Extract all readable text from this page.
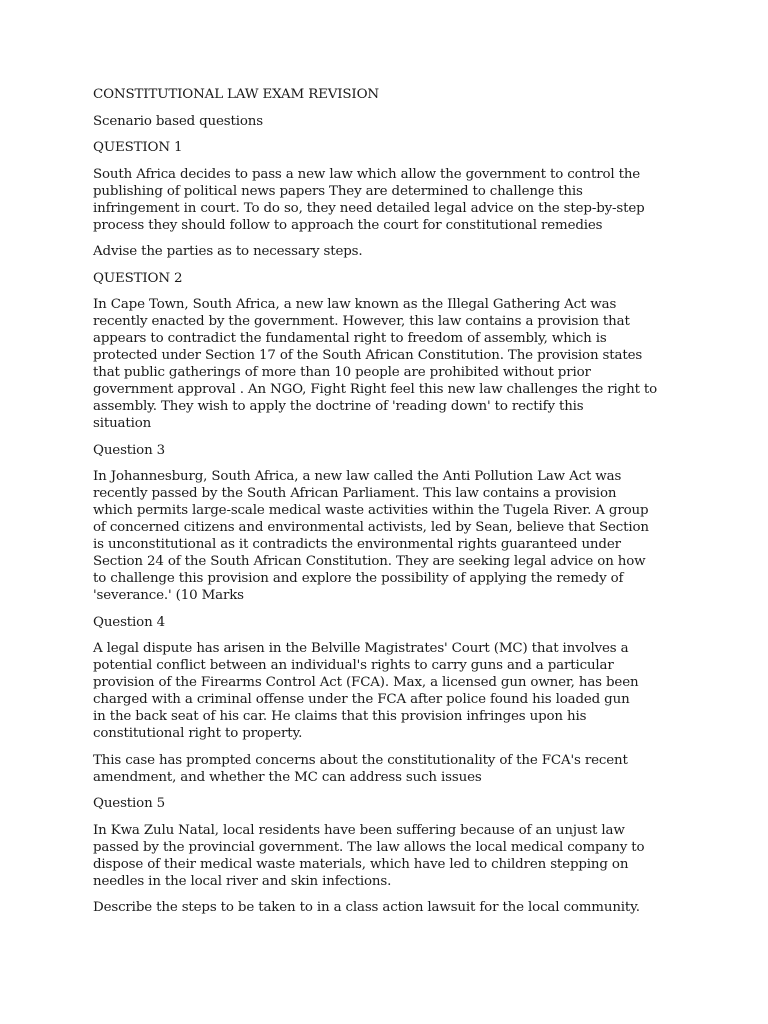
CONSTITUTIONAL LAW EXAM REVISION
Scenario based questions
QUESTION 1
South Africa decides to pass a new law which allow the government to control the
publishing of political news papers They are determined to challenge this
infringement in court. To do so, they need detailed legal advice on the step-by-step
process they should follow to approach the court for constitutional remedies
Advise the parties as to necessary steps.
QUESTION 2
In Cape Town, South Africa, a new law known as the Illegal Gathering Act was
recently enacted by the government. However, this law contains a provision that
appears to contradict the fundamental right to freedom of assembly, which is
protected under Section 17 of the South African Constitution. The provision states
that public gatherings of more than 10 people are prohibited without prior
government approval . An NGO, Fight Right feel this new law challenges the right to
assembly. They wish to apply the doctrine of 'reading down' to rectify this
situation
Question 3
In Johannesburg, South Africa, a new law called the Anti Pollution Law Act was
recently passed by the South African Parliament. This law contains a provision
which permits large-scale medical waste activities within the Tugela River. A group
of concerned citizens and environmental activists, led by Sean, believe that Section
is unconstitutional as it contradicts the environmental rights guaranteed under
Section 24 of the South African Constitution. They are seeking legal advice on how
to challenge this provision and explore the possibility of applying the remedy of
'severance.' (10 Marks
Question 4
A legal dispute has arisen in the Belville Magistrates' Court (MC) that involves a
potential conflict between an individual's rights to carry guns and a particular
provision of the Firearms Control Act (FCA). Max, a licensed gun owner, has been
charged with a criminal offense under the FCA after police found his loaded gun
in the back seat of his car. He claims that this provision infringes upon his
constitutional right to property.
This case has prompted concerns about the constitutionality of the FCA's recent
amendment, and whether the MC can address such issues
Question 5
In Kwa Zulu Natal, local residents have been suffering because of an unjust law
passed by the provincial government. The law allows the local medical company to
dispose of their medical waste materials, which have led to children stepping on
needles in the local river and skin infections.
Describe the steps to be taken to in a class action lawsuit for the local community.
